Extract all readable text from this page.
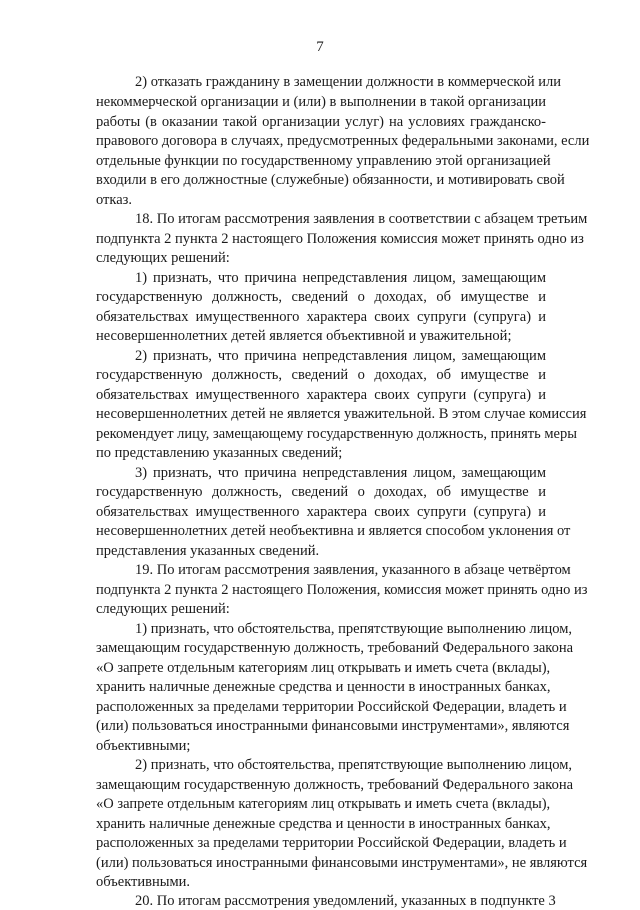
7
2) отказать гражданину в замещении должности в коммерческой или
некоммерческой организации и (или) в выполнении в такой организации
работы (в оказании такой организации услуг) на условиях гражданско-
правового договора в случаях, предусмотренных федеральными законами, если
отдельные функции по государственному управлению этой организацией
входили в его должностные (служебные) обязанности, и мотивировать свой
отказ.
18. По итогам рассмотрения заявления в соответствии с абзацем третьим
подпункта 2 пункта 2 настоящего Положения комиссия может принять одно из
следующих решений:
1) признать, что причина непредставления лицом, замещающим
государственную должность, сведений о доходах, об имуществе и
обязательствах имущественного характера своих супруги (супруга) и
несовершеннолетних детей является объективной и уважительной;
2) признать, что причина непредставления лицом, замещающим
государственную должность, сведений о доходах, об имуществе и
обязательствах имущественного характера своих супруги (супруга) и
несовершеннолетних детей не является уважительной. В этом случае комиссия
рекомендует лицу, замещающему государственную должность, принять меры
по представлению указанных сведений;
3) признать, что причина непредставления лицом, замещающим
государственную должность, сведений о доходах, об имуществе и
обязательствах имущественного характера своих супруги (супруга) и
несовершеннолетних детей необъективна и является способом уклонения от
представления указанных сведений.
19. По итогам рассмотрения заявления, указанного в абзаце четвёртом
подпункта 2 пункта 2 настоящего Положения, комиссия может принять одно из
следующих решений:
1) признать, что обстоятельства, препятствующие выполнению лицом,
замещающим государственную должность, требований Федерального закона
«О запрете отдельным категориям лиц открывать и иметь счета (вклады),
хранить наличные денежные средства и ценности в иностранных банках,
расположенных за пределами территории Российской Федерации, владеть и
(или) пользоваться иностранными финансовыми инструментами», являются
объективными;
2) признать, что обстоятельства, препятствующие выполнению лицом,
замещающим государственную должность, требований Федерального закона
«О запрете отдельным категориям лиц открывать и иметь счета (вклады),
хранить наличные денежные средства и ценности в иностранных банках,
расположенных за пределами территории Российской Федерации, владеть и
(или) пользоваться иностранными финансовыми инструментами», не являются
объективными.
20. По итогам рассмотрения уведомлений, указанных в подпункте 3
